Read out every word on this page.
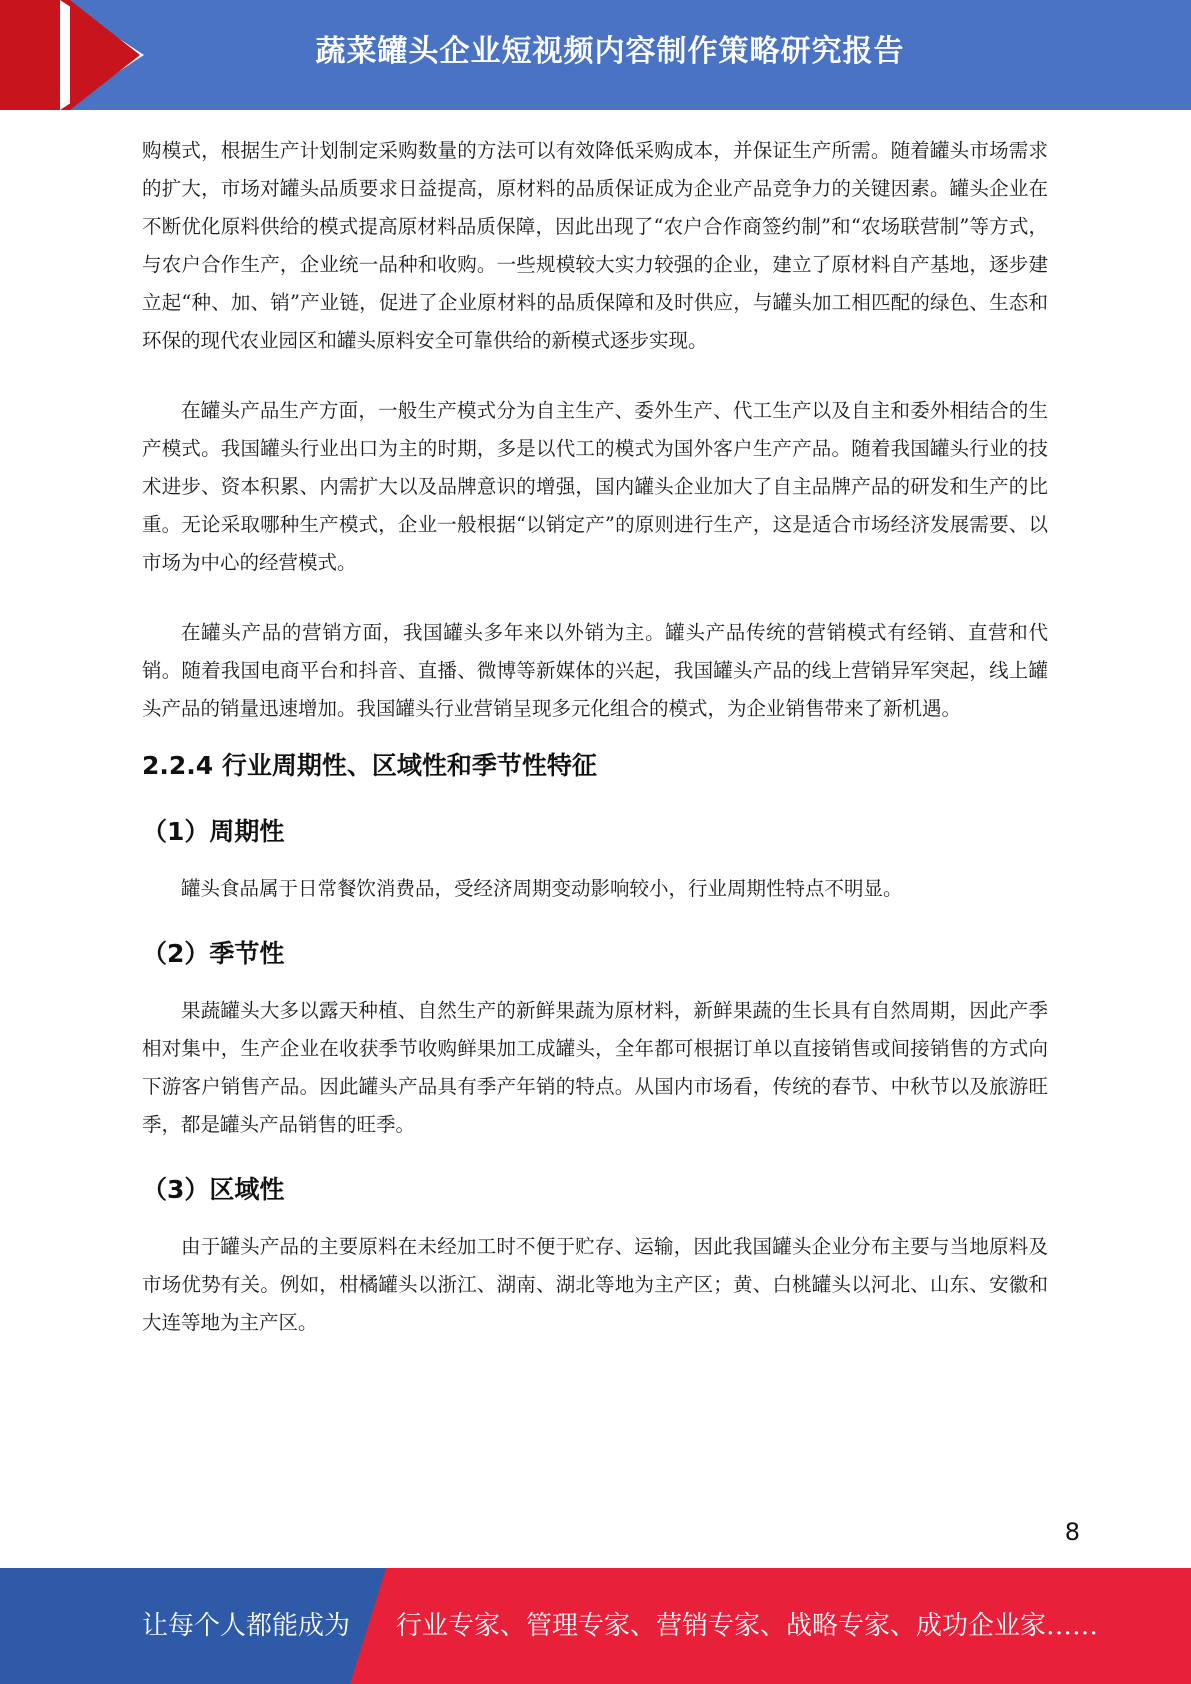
蔬菜罐头企业短视频内容制作策略研究报告

购模式，根据生产计划制定采购数量的方法可以有效降低采购成本，并保证生产所需。随着罐头市场需求的扩大，市场对罐头品质要求日益提高，原材料的品质保证成为企业产品竞争力的关键因素。罐头企业在不断优化原料供给的模式提高原材料品质保障，因此出现了“农户合作商签约制”和“农场联营制”等方式，与农户合作生产，企业统一品种和收购。一些规模较大实力较强的企业，建立了原材料自产基地，逐步建立起“种、加、销”产业链，促进了企业原材料的品质保障和及时供应，与罐头加工相匹配的绿色、生态和环保的现代农业园区和罐头原料安全可靠供给的新模式逐步实现。

在罐头产品生产方面，一般生产模式分为自主生产、委外生产、代工生产以及自主和委外相结合的生产模式。我国罐头行业出口为主的时期，多是以代工的模式为国外客户生产产品。随着我国罐头行业的技术进步、资本积累、内需扩大以及品牌意识的增强，国内罐头企业加大了自主品牌产品的研发和生产的比重。无论采取哪种生产模式，企业一般根据“以销定产”的原则进行生产，这是适合市场经济发展需要、以市场为中心的经营模式。

在罐头产品的营销方面，我国罐头多年来以外销为主。罐头产品传统的营销模式有经销、直营和代销。随着我国电商平台和抖音、直播、微博等新媒体的兴起，我国罐头产品的线上营销异军突起，线上罐头产品的销量迅速增加。我国罐头行业营销呈现多元化组合的模式，为企业销售带来了新机遇。

2.2.4 行业周期性、区域性和季节性特征
（1）周期性

罐头食品属于日常餐饮消费品，受经济周期变动影响较小，行业周期性特点不明显。

（2）季节性

果蔬罐头大多以露天种植、自然生产的新鲜果蔬为原材料，新鲜果蔬的生长具有自然周期，因此产季相对集中，生产企业在收获季节收购鲜果加工成罐头，全年都可根据订单以直接销售或间接销售的方式向下游客户销售产品。因此罐头产品具有季产年销的特点。从国内市场看，传统的春节、中秋节以及旅游旺季，都是罐头产品销售的旺季。

（3）区域性

由于罐头产品的主要原料在未经加工时不便于贮存、运输，因此我国罐头企业分布主要与当地原料及市场优势有关。例如，柑橘罐头以浙江、湖南、湖北等地为主产区；黄、白桃罐头以河北、山东、安徽和大连等地为主产区。

8
让每个人都能成为 行业专家、管理专家、营销专家、战略专家、成功企业家……
